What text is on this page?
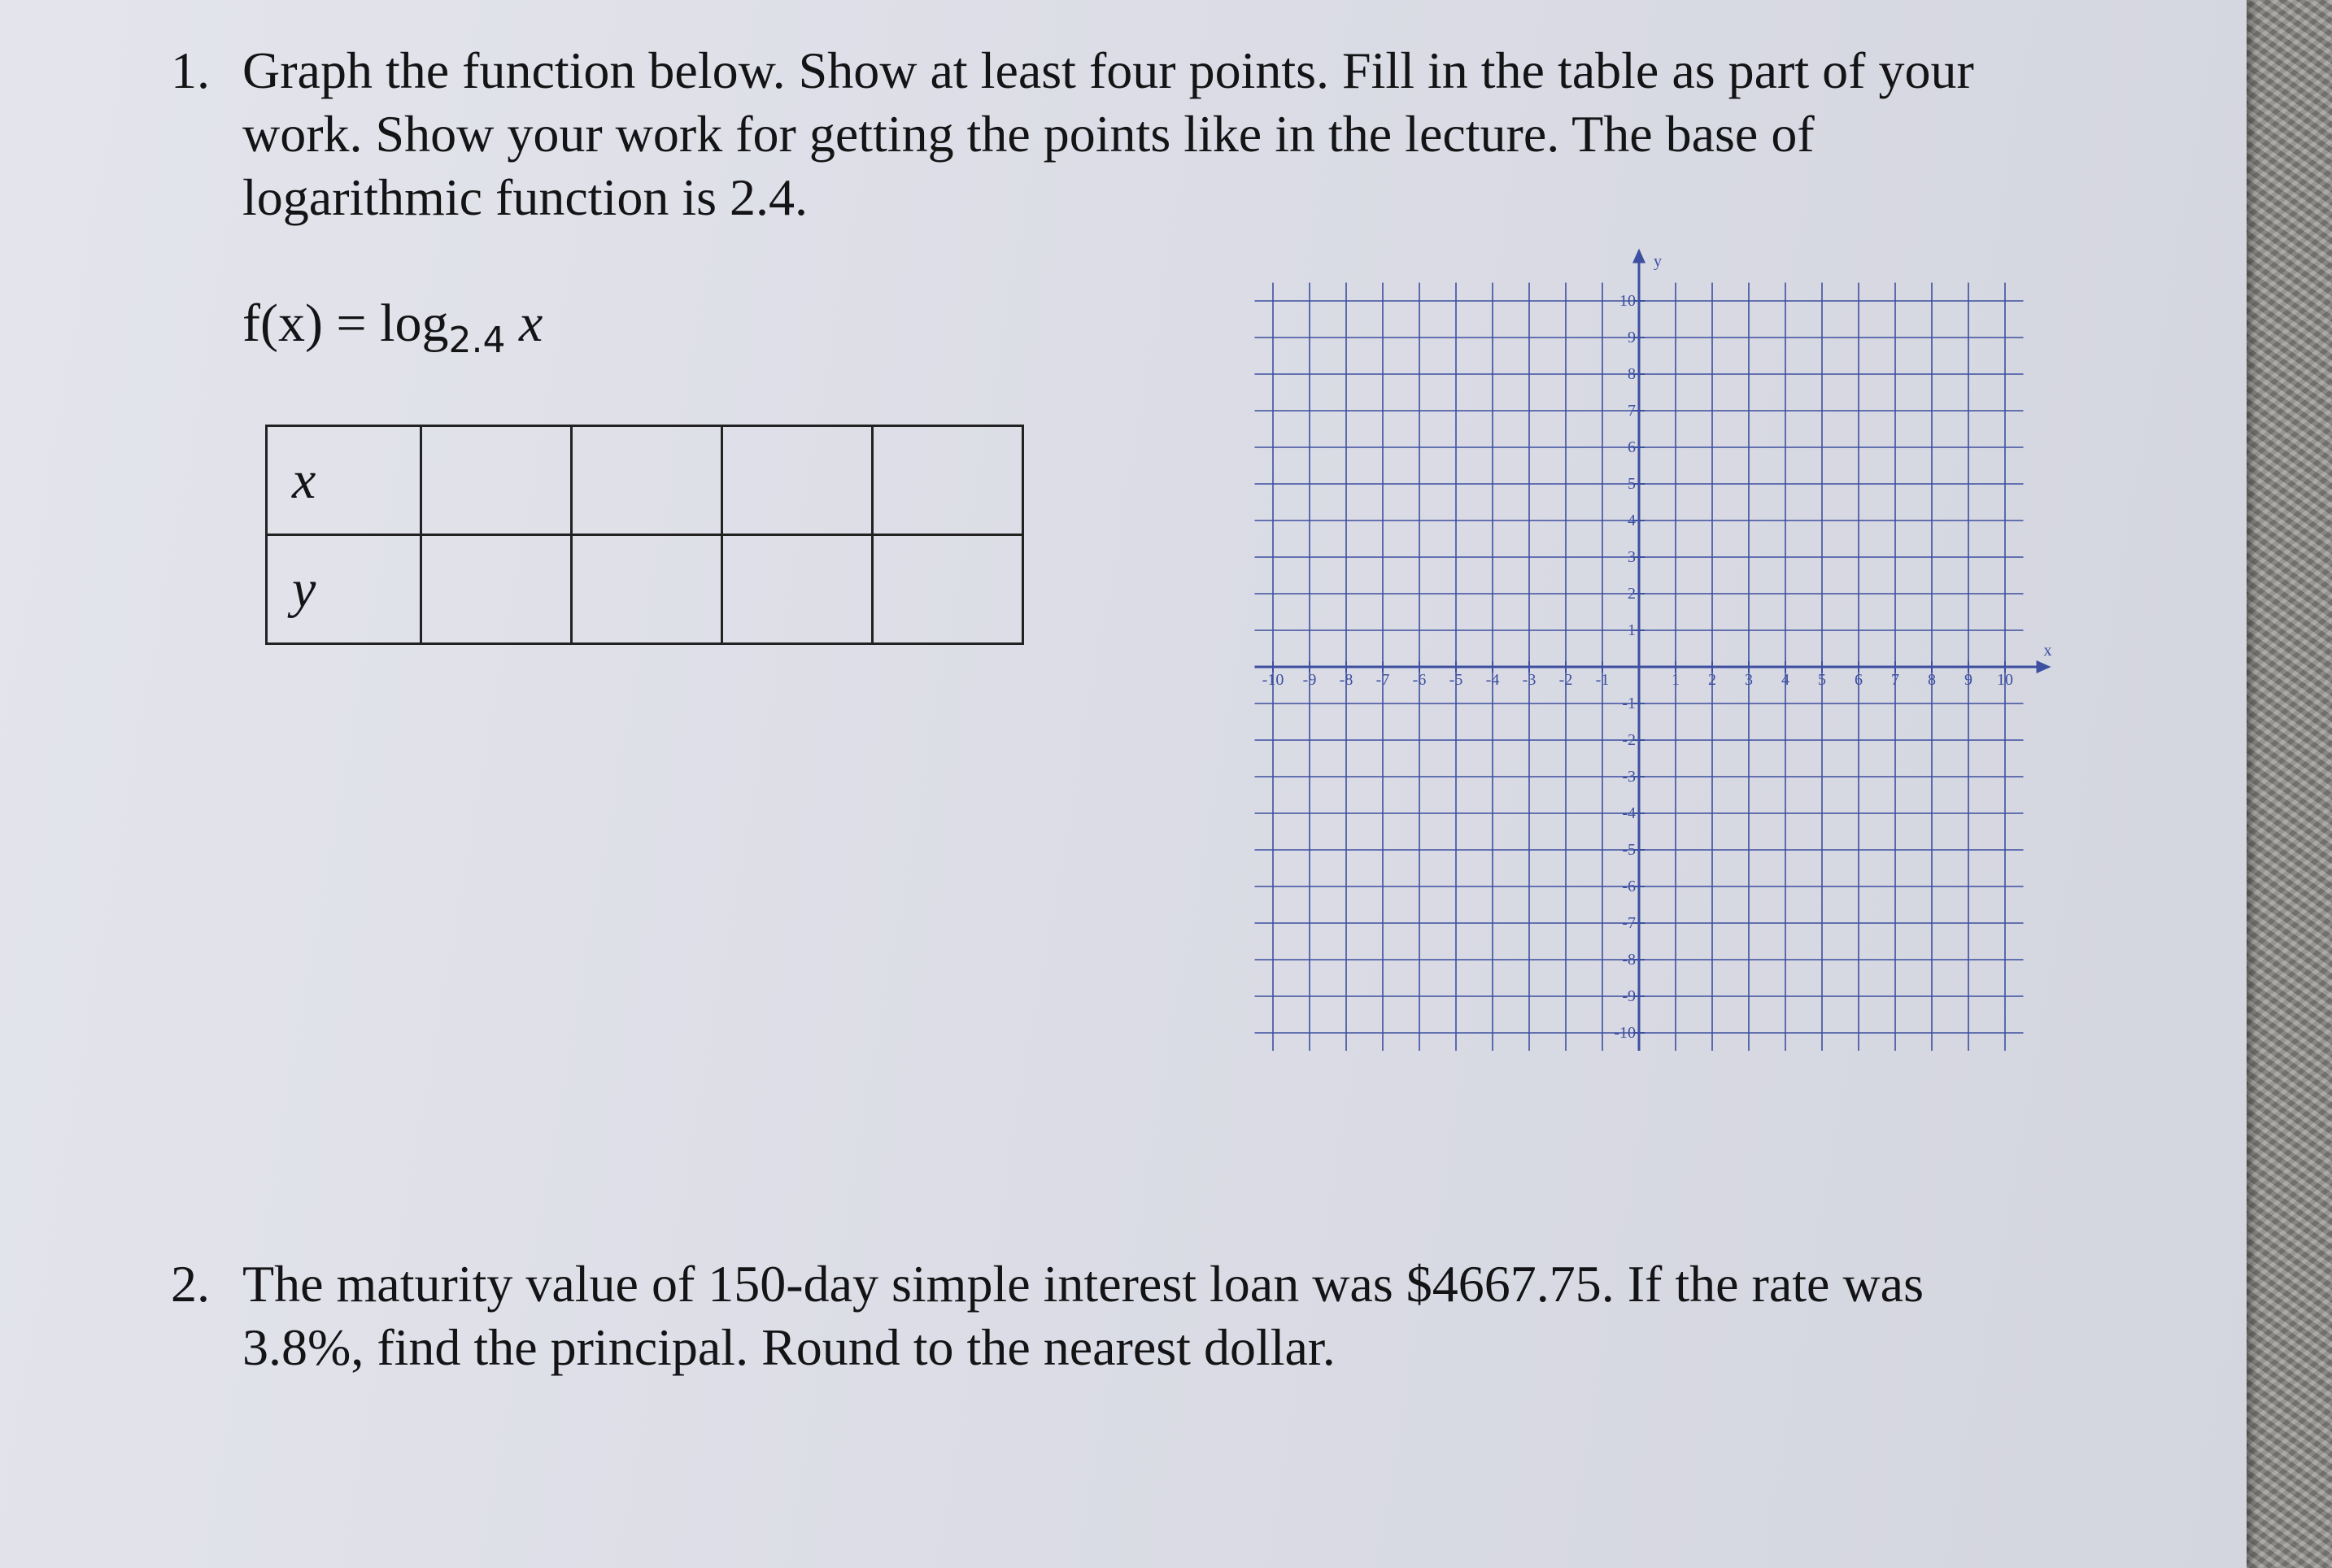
1. Graph the function below. Show at least four points. Fill in the table as part of your work. Show your work for getting the points like in the lecture. The base of logarithmic function is 2.4.

$f(x) = \log_{2.4} x$
x				
y				
x
y
-10 -9 -8 -7 -6 -5 -4 -3 -2 -1	1 2 3 4 5 6 7 8 9 10
-10
-9
-8
-7
-6
-5
-4
-3
-2
-1
1
2
3
4
5
6
7
8
9
10
2. The maturity value of 150-day simple interest loan was $4667.75. If the rate was 3.8%, find the principal. Round to the nearest dollar.
